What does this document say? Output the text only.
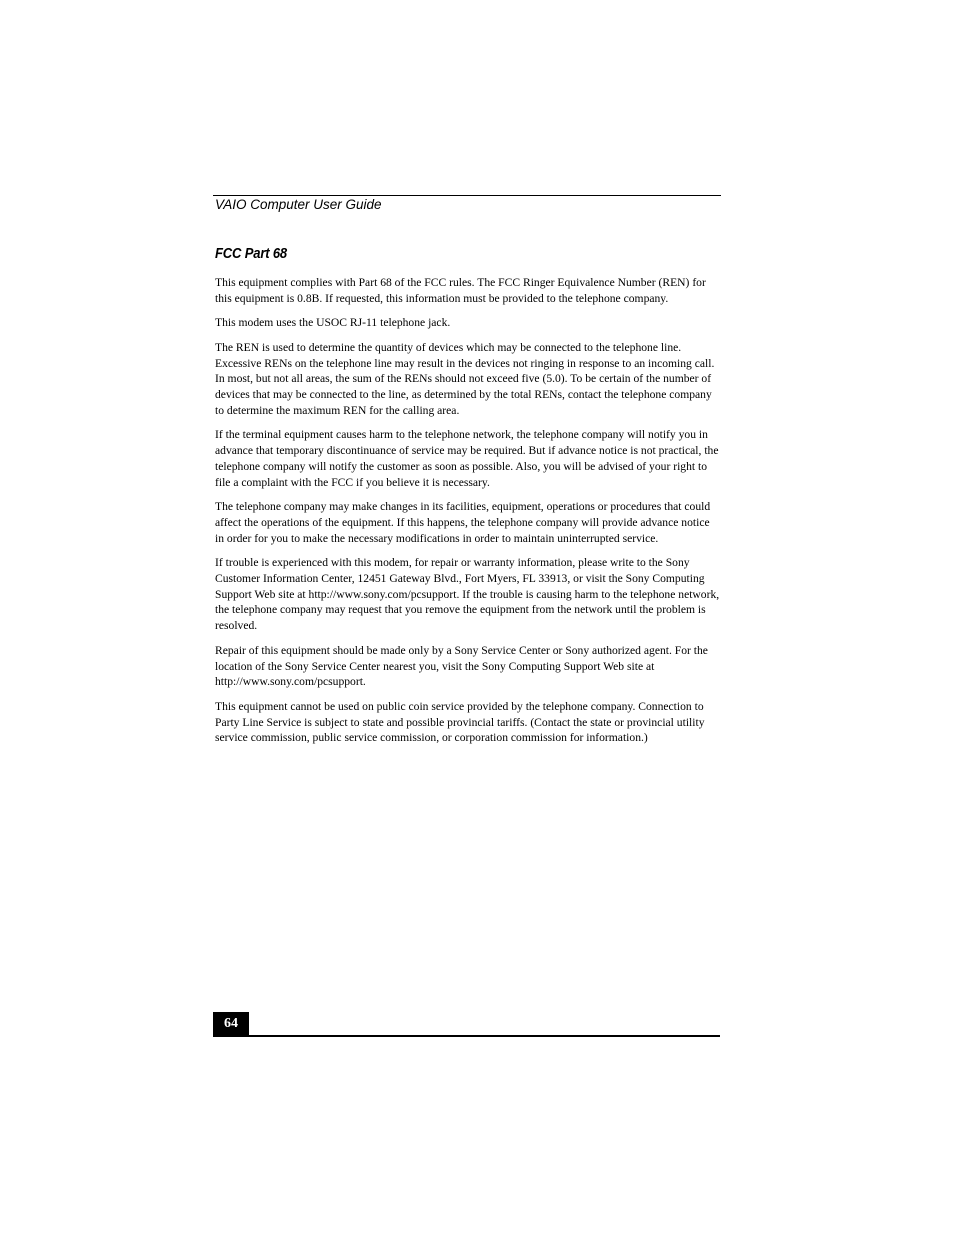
VAIO Computer User Guide
FCC Part 68

This equipment complies with Part 68 of the FCC rules. The FCC Ringer Equivalence Number (REN) for this equipment is 0.8B. If requested, this information must be provided to the telephone company.

This modem uses the USOC RJ-11 telephone jack.

The REN is used to determine the quantity of devices which may be connected to the telephone line. Excessive RENs on the telephone line may result in the devices not ringing in response to an incoming call. In most, but not all areas, the sum of the RENs should not exceed five (5.0). To be certain of the number of devices that may be connected to the line, as determined by the total RENs, contact the telephone company to determine the maximum REN for the calling area.

If the terminal equipment causes harm to the telephone network, the telephone company will notify you in advance that temporary discontinuance of service may be required. But if advance notice is not practical, the telephone company will notify the customer as soon as possible. Also, you will be advised of your right to file a complaint with the FCC if you believe it is necessary.

The telephone company may make changes in its facilities, equipment, operations or procedures that could affect the operations of the equipment. If this happens, the telephone company will provide advance notice in order for you to make the necessary modifications in order to maintain uninterrupted service.

If trouble is experienced with this modem, for repair or warranty information, please write to the Sony Customer Information Center, 12451 Gateway Blvd., Fort Myers, FL 33913, or visit the Sony Computing Support Web site at http://www.sony.com/pcsupport. If the trouble is causing harm to the telephone network, the telephone company may request that you remove the equipment from the network until the problem is resolved.

Repair of this equipment should be made only by a Sony Service Center or Sony authorized agent. For the location of the Sony Service Center nearest you, visit the Sony Computing Support Web site at http://www.sony.com/pcsupport.

This equipment cannot be used on public coin service provided by the telephone company. Connection to Party Line Service is subject to state and possible provincial tariffs. (Contact the state or provincial utility service commission, public service commission, or corporation commission for information.)

64
